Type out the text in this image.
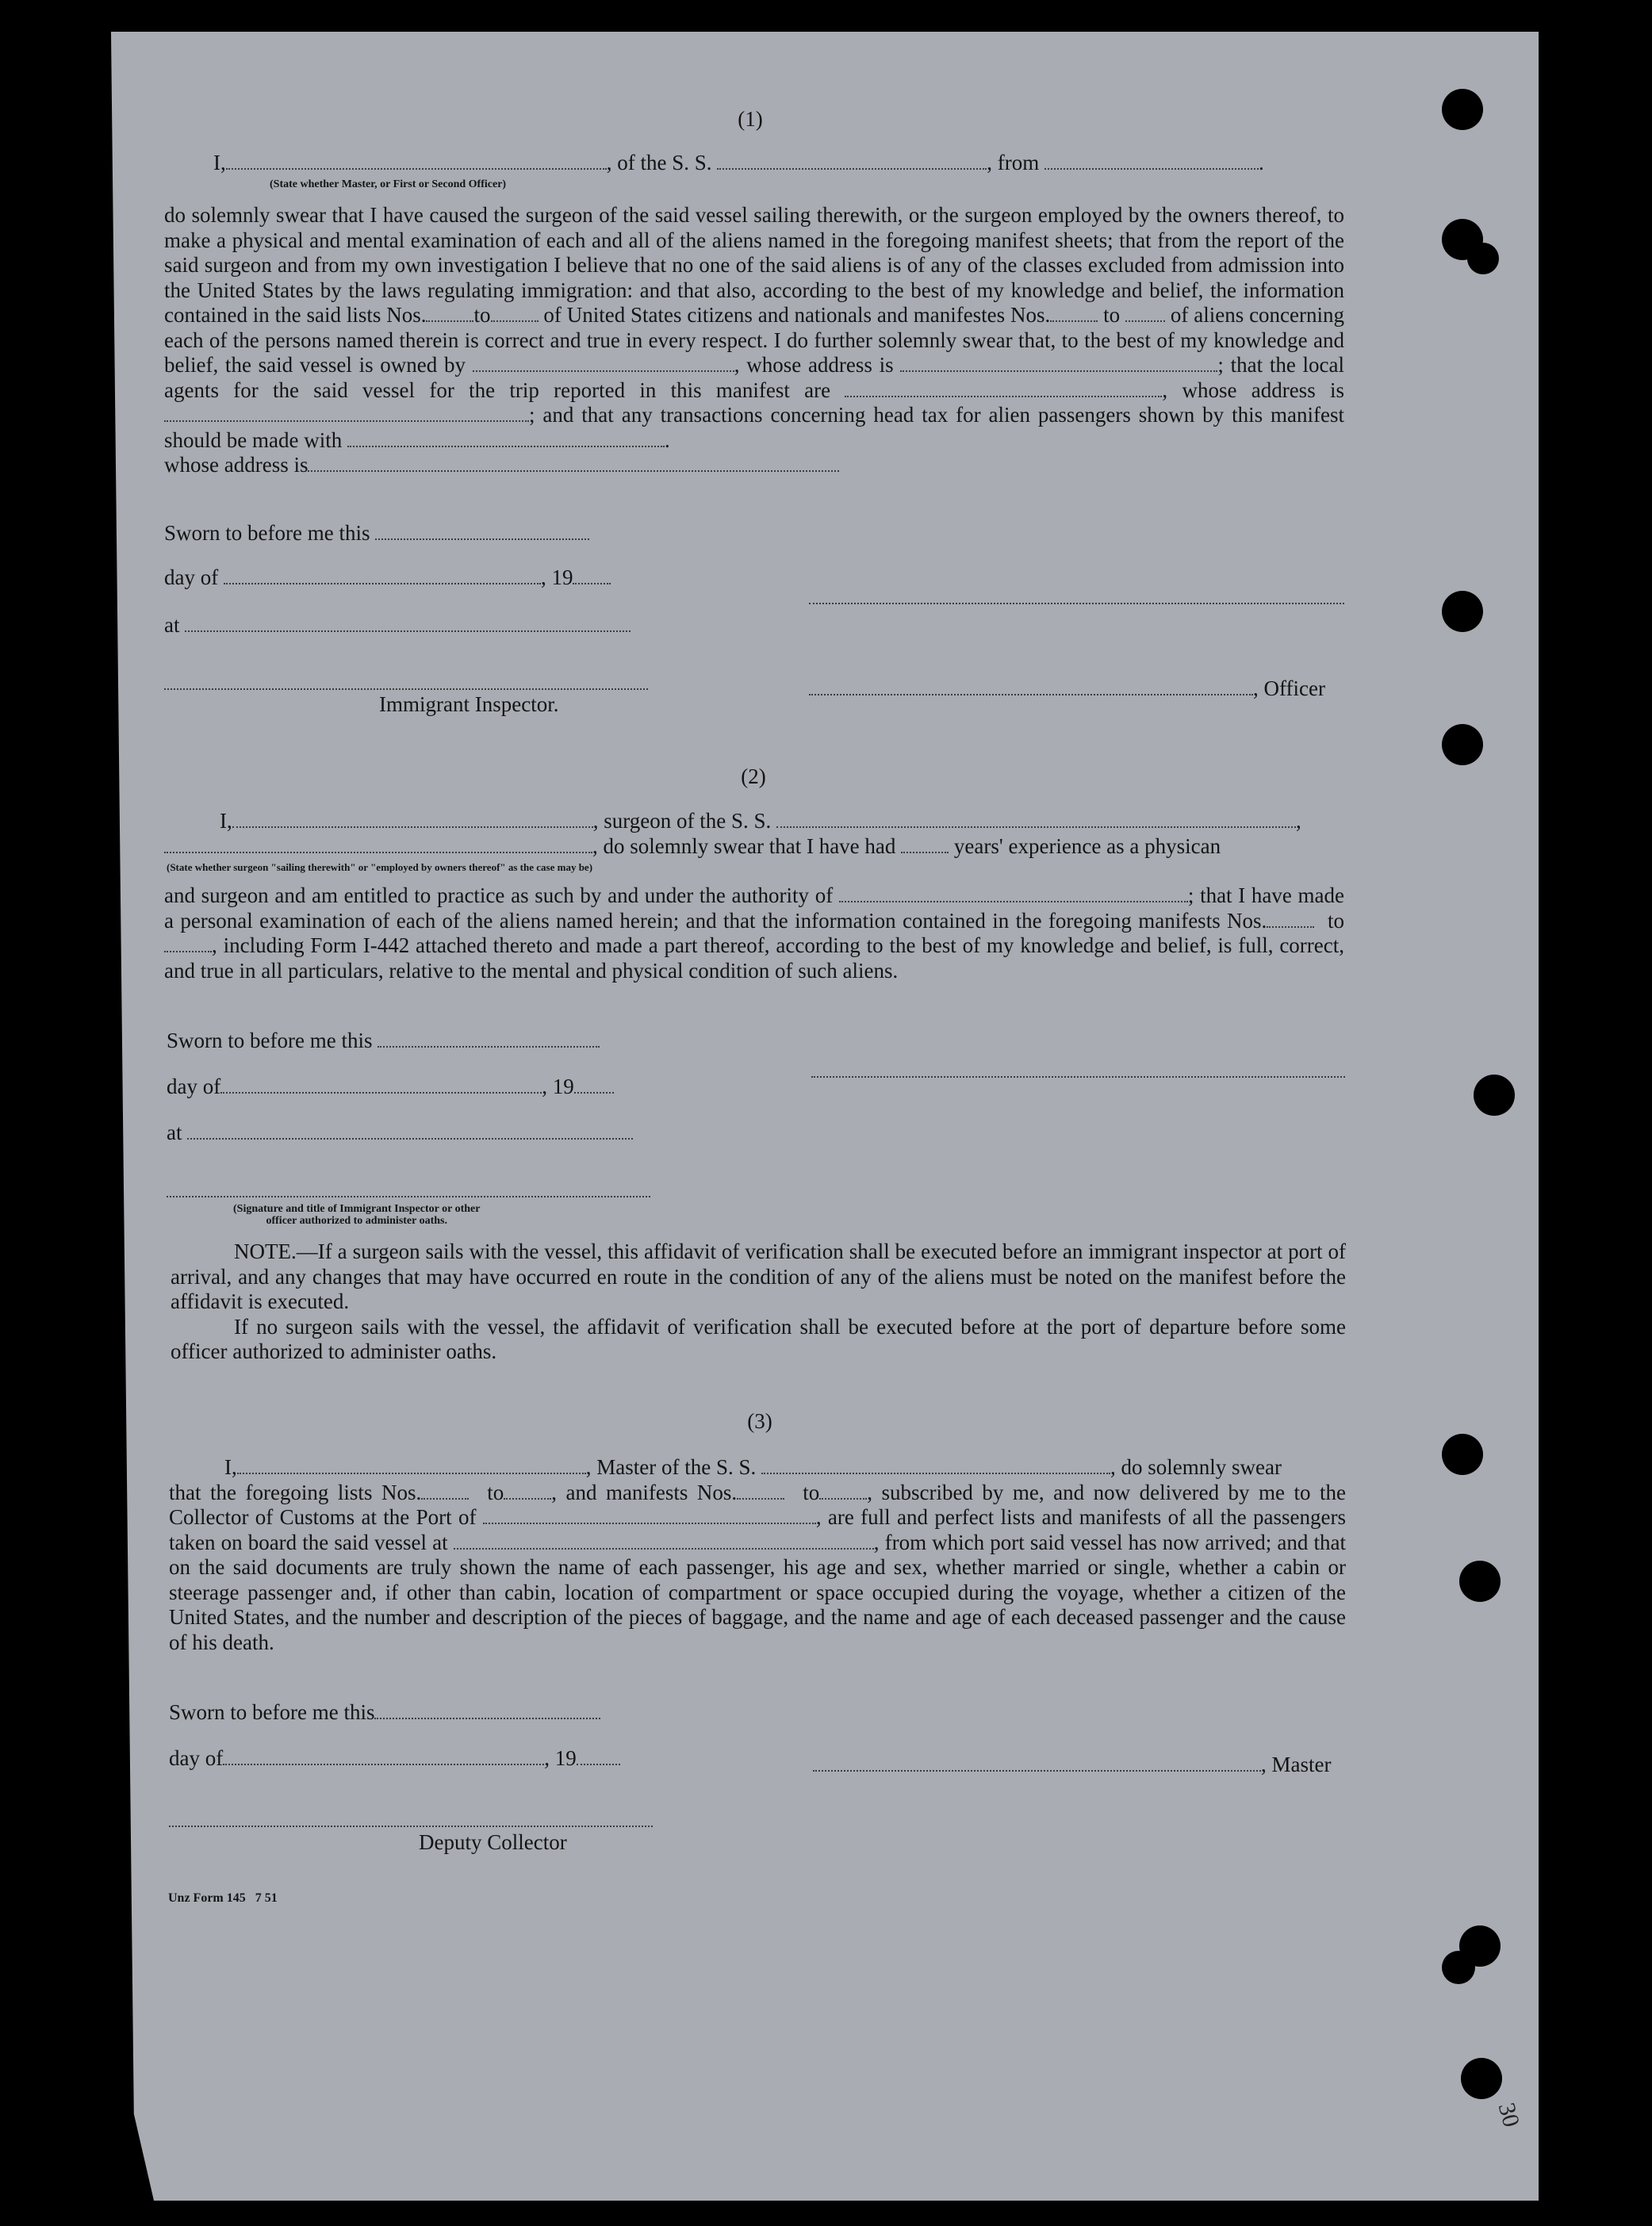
(1)

I,	, of the S. S.	, from	.

(State whether Master, or First or Second Officer)

do solemnly swear that I have caused the surgeon of the said vessel sailing therewith, or the surgeon employed by the owners thereof, to make a physical and mental examination of each and all of the aliens named in the foregoing manifest sheets; that from the report of the said surgeon and from my own investigation I believe that no one of the said aliens is of any of the classes excluded from admission into the United States by the laws regulating immigration: and that also, according to the best of my knowledge and belief, the information contained in the said lists Nos. to of United States citizens and nationals and manifestes Nos. to of aliens concerning each of the persons named therein is correct and true in every respect. I do further solemnly swear that, to the best of my knowledge and belief, the said vessel is owned by	, whose address is	; that the local agents for the said vessel for the trip reported in this manifest are	, whose address is ; and that any transactions concerning head tax for alien passengers shown by this manifest should be made with	.

whose address is

Sworn to before me this
day of	, 19
at
Immigrant Inspector.
, Officer
(2)

I,	, surgeon of the S. S.	,

, do solemnly swear that I have had	years' experience as a physican

(State whether surgeon "sailing therewith" or "employed by owners thereof" as the case may be)

and surgeon and am entitled to practice as such by and under the authority of	; that I have made a personal examination of each of the aliens named herein; and that the information contained in the foregoing manifests Nos.	to, including Form I-442 attached thereto and made a part thereof, according to the best of my knowledge and belief, is full, correct, and true in all particulars, relative to the mental and physical condition of such aliens.

Sworn to before me this
day of	, 19
at
(Signature and title of Immigrant Inspector or other
officer authorized to administer oaths.

NOTE.—If a surgeon sails with the vessel, this affidavit of verification shall be executed before an immigrant inspector at port of arrival, and any changes that may have occurred en route in the condition of any of the aliens must be noted on the manifest before the affidavit is executed.

If no surgeon sails with the vessel, the affidavit of verification shall be executed before at the port of departure before some officer authorized to administer oaths.

(3)

I,	, Master of the S. S.	, do solemnly swear

that the foregoing lists Nos.	to , and manifests Nos.	to , subscribed by me, and now delivered by me to the Collector of Customs at the Port of	, are full and perfect lists and manifests of all the passengers taken on board the said vessel at	, from which port said vessel has now arrived; and that on the said documents are truly shown the name of each passenger, his age and sex, whether married or single, whether a cabin or steerage passenger and, if other than cabin, location of compartment or space occupied during the voyage, whether a citizen of the United States, and the number and description of the pieces of baggage, and the name and age of each deceased passenger and the cause of his death.

Sworn to before me this
day of	, 19	, Master
Deputy Collector
Unz Form 145   7 51
30
